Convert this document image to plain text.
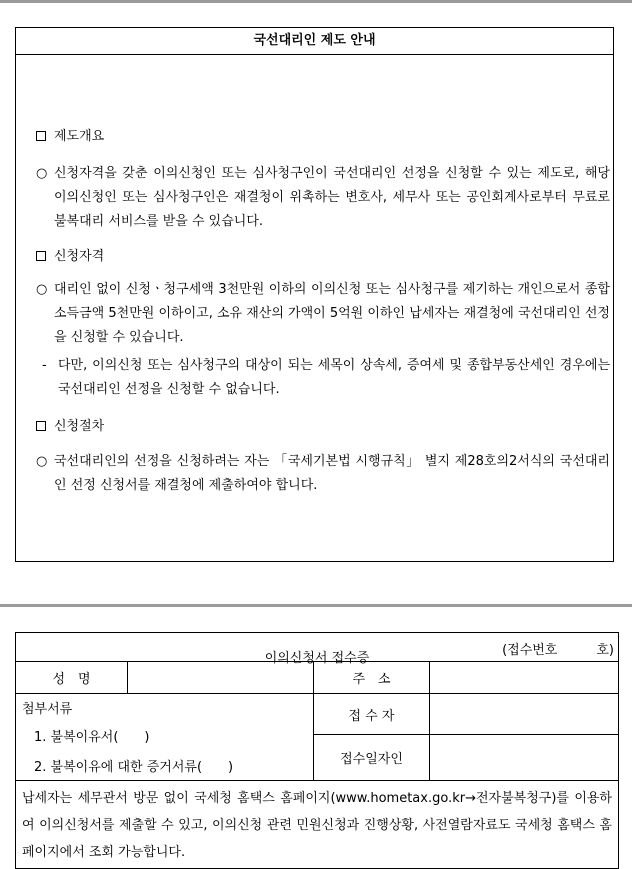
국선대리인 제도 안내
제도개요
○ 신청자격을 갖춘 이의신청인 또는 심사청구인이 국선대리인 선정을 신청할 수 있는 제도로, 해당 이의신청인 또는 심사청구인은 재결청이 위촉하는 변호사, 세무사 또는 공인회계사로부터 무료로 불복대리 서비스를 받을 수 있습니다.
신청자격
○ 대리인 없이 신청ㆍ청구세액 3천만원 이하의 이의신청 또는 심사청구를 제기하는 개인으로서 종합소득금액 5천만원 이하이고, 소유 재산의 가액이 5억원 이하인 납세자는 재결청에 국선대리인 선정을 신청할 수 있습니다.
- 다만, 이의신청 또는 심사청구의 대상이 되는 세목이 상속세, 증여세 및 종합부동산세인 경우에는 국선대리인 선정을 신청할 수 없습니다.
신청절차
○ 국선대리인의 선정을 신청하려는 자는 「국세기본법 시행규칙」 별지 제28호의2서식의 국선대리인 선정 신청서를 재결청에 제출하여야 합니다.
이의신청서 접수증
(접수번호　　　호)			

성　명		주　소	

첨부서류
1. 불복이유서(　　)
2. 불복이유에 대한 증거서류(　　)		접 수 자	
		접수일자인	
납세자는 세무관서 방문 없이 국세청 홈택스 홈페이지(www.hometax.go.kr→전자불복청구)를 이용하여 이의신청서를 제출할 수 있고, 이의신청 관련 민원신청과 진행상황, 사전열람자료도 국세청 홈택스 홈페이지에서 조회 가능합니다.			
